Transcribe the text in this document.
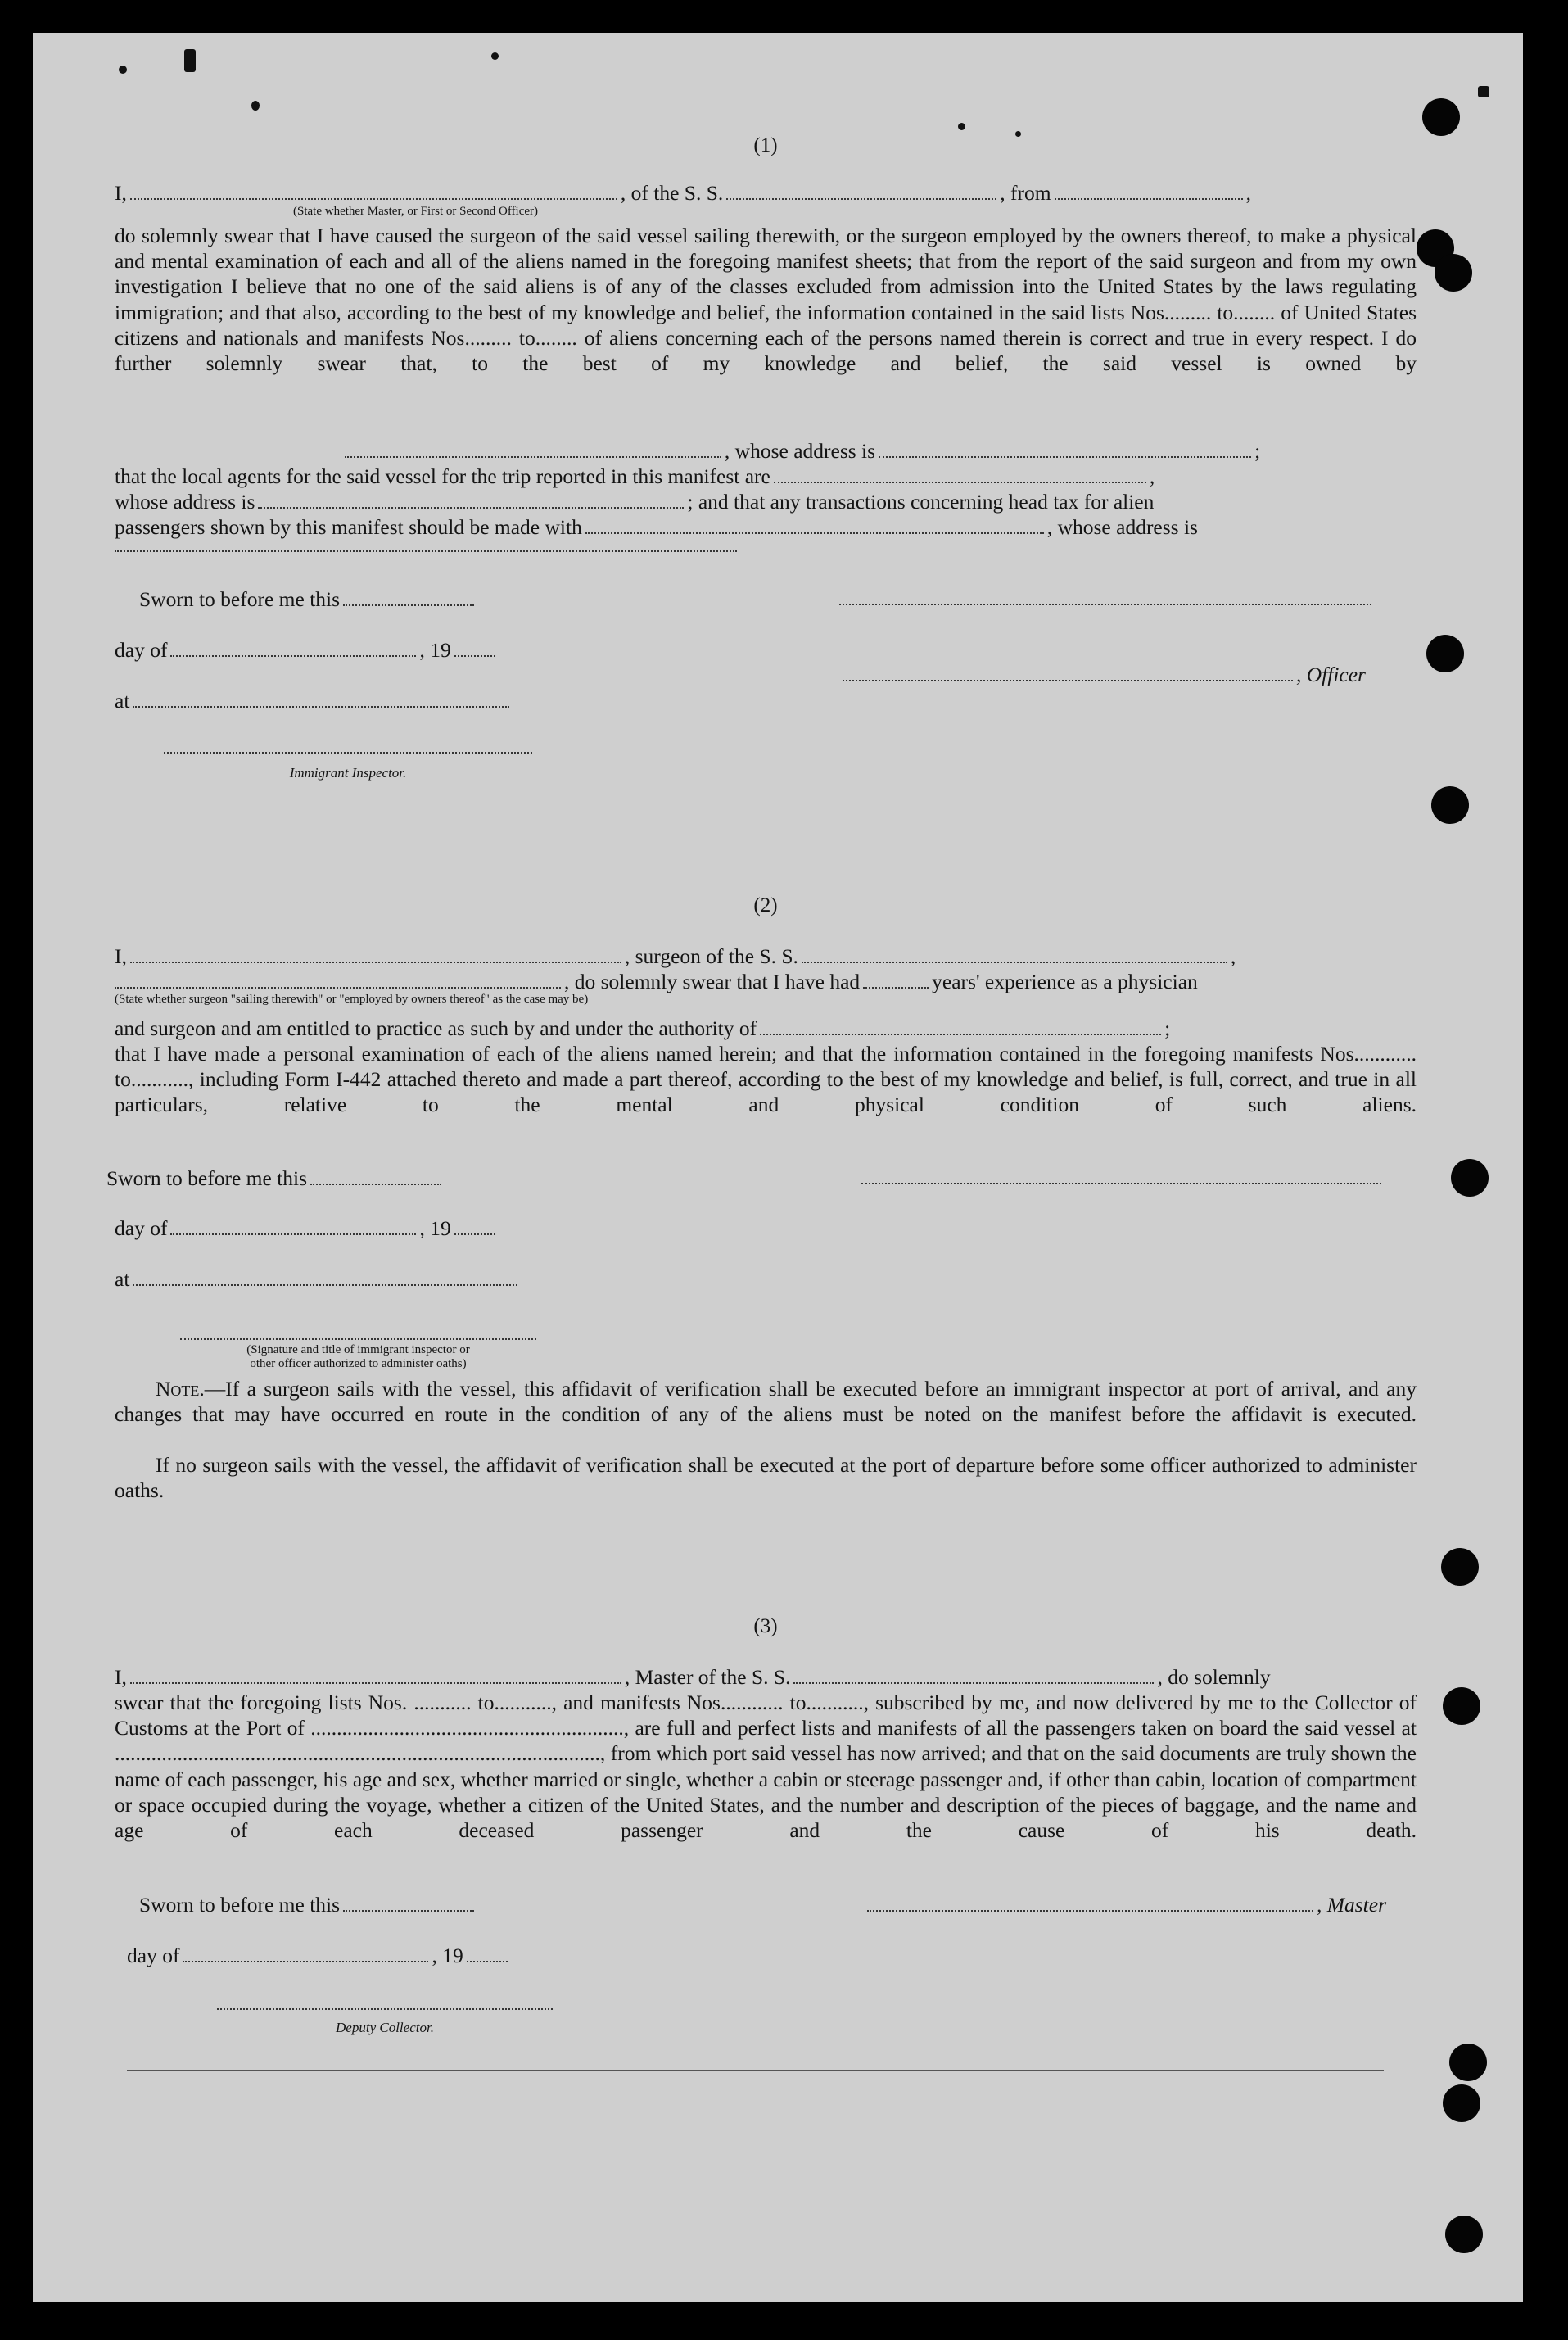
(1)
I,	, of the S. S.	, from	,
(State whether Master, or First or Second Officer)
do solemnly swear that I have caused the surgeon of the said vessel sailing therewith, or the surgeon employed by the owners thereof, to make a physical and mental examination of each and all of the aliens named in the foregoing manifest sheets; that from the report of the said surgeon and from my own investigation I believe that no one of the said aliens is of any of the classes excluded from admission into the United States by the laws regulating immigration; and that also, according to the best of my knowledge and belief, the information contained in the said lists Nos......... to........ of United States citizens and nationals and manifests Nos......... to........ of aliens concerning each of the persons named therein is correct and true in every respect. I do further solemnly swear that, to the best of my knowledge and belief, the said vessel is owned by
, whose address is	;
that the local agents for the said vessel for the trip reported in this manifest are	,
whose address is	; and that any transactions concerning head tax for alien
passengers shown by this manifest should be made with	, whose address is
Sworn to before me this
day of	, 19
, Officer
at
Immigrant Inspector.
(2)
I,	, surgeon of the S. S.	,
, do solemnly swear that I have had	years' experience as a physician
(State whether surgeon "sailing therewith" or "employed by owners thereof" as the case may be)
and surgeon and am entitled to practice as such by and under the authority of	;
that I have made a personal examination of each of the aliens named herein; and that the information contained in the foregoing manifests Nos............ to..........., including Form I-442 attached thereto and made a part thereof, according to the best of my knowledge and belief, is full, correct, and true in all particulars, relative to the mental and physical condition of such aliens.
Sworn to before me this
day of	, 19
at
(Signature and title of immigrant inspector or
other officer authorized to administer oaths)
Note.—If a surgeon sails with the vessel, this affidavit of verification shall be executed before an immigrant inspector at port of arrival, and any changes that may have occurred en route in the condition of any of the aliens must be noted on the manifest before the affidavit is executed.
If no surgeon sails with the vessel, the affidavit of verification shall be executed at the port of departure before some officer authorized to administer oaths.
(3)
I,	, Master of the S. S.	, do solemnly
swear that the foregoing lists Nos. ........... to..........., and manifests Nos............ to..........., subscribed by me, and now delivered by me to the Collector of Customs at the Port of ............................................................, are full and perfect lists and manifests of all the passengers taken on board the said vessel at ............................................................................................., from which port said vessel has now arrived; and that on the said documents are truly shown the name of each passenger, his age and sex, whether married or single, whether a cabin or steerage passenger and, if other than cabin, location of compartment or space occupied during the voyage, whether a citizen of the United States, and the number and description of the pieces of baggage, and the name and age of each deceased passenger and the cause of his death.
Sworn to before me this	, Master
day of	, 19
Deputy Collector.
